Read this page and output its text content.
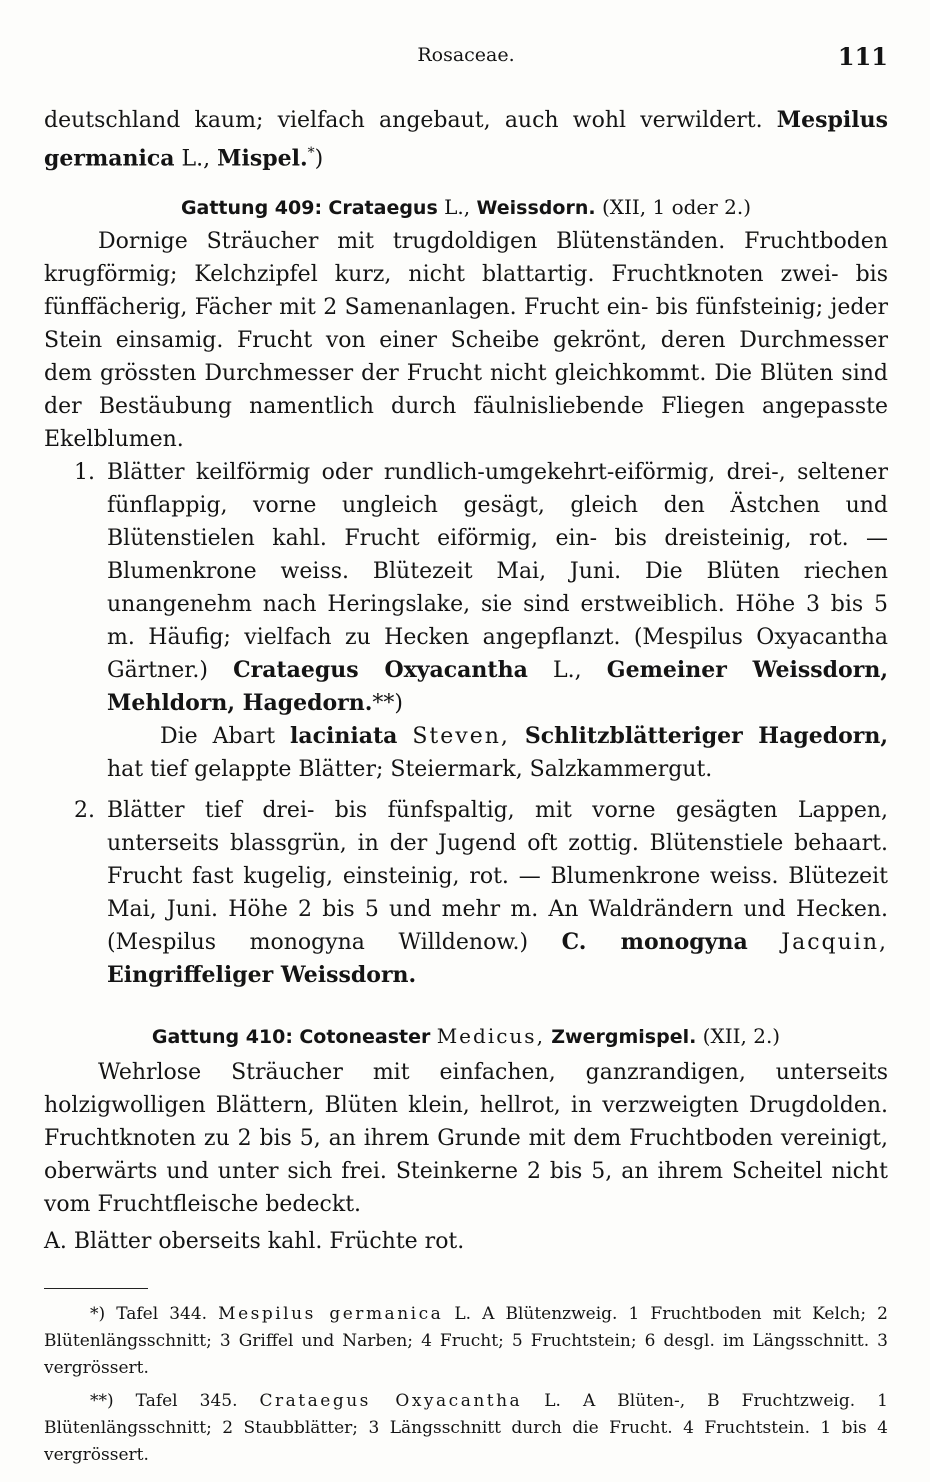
Rosaceae.	111

deutschland kaum; vielfach angebaut, auch wohl verwildert. Mespilus germanica L., Mispel.*)

Gattung 409: Crataegus L., Weissdorn. (XII, 1 oder 2.)

Dornige Sträucher mit trugdoldigen Blütenständen. Fruchtboden krugförmig; Kelchzipfel kurz, nicht blattartig. Fruchtknoten zwei- bis fünffächerig, Fächer mit 2 Samenanlagen. Frucht ein- bis fünfsteinig; jeder Stein einsamig. Frucht von einer Scheibe gekrönt, deren Durchmesser dem grössten Durchmesser der Frucht nicht gleichkommt. Die Blüten sind der Bestäubung namentlich durch fäulnisliebende Fliegen angepasste Ekelblumen.

1. Blätter keilförmig oder rundlich-umgekehrt-eiförmig, drei-, seltener fünflappig, vorne ungleich gesägt, gleich den Ästchen und Blütenstielen kahl. Frucht eiförmig, ein- bis dreisteinig, rot. — Blumenkrone weiss. Blütezeit Mai, Juni. Die Blüten riechen unangenehm nach Heringslake, sie sind erstweiblich. Höhe 3 bis 5 m. Häufig; vielfach zu Hecken angepflanzt. (Mespilus Oxyacantha Gärtner.) Crataegus Oxyacantha L., Gemeiner Weissdorn, Mehldorn, Hagedorn.**)
Die Abart laciniata Steven, Schlitzblätteriger Hagedorn, hat tief gelappte Blätter; Steiermark, Salzkammergut.
2. Blätter tief drei- bis fünfspaltig, mit vorne gesägten Lappen, unterseits blassgrün, in der Jugend oft zottig. Blütenstiele behaart. Frucht fast kugelig, einsteinig, rot. — Blumenkrone weiss. Blütezeit Mai, Juni. Höhe 2 bis 5 und mehr m. An Waldrändern und Hecken. (Mespilus monogyna Willdenow.) C. monogyna Jacquin, Eingriffeliger Weissdorn.

Gattung 410: Cotoneaster Medicus, Zwergmispel. (XII, 2.)

Wehrlose Sträucher mit einfachen, ganzrandigen, unterseits holzigwolligen Blättern, Blüten klein, hellrot, in verzweigten Drugdolden. Fruchtknoten zu 2 bis 5, an ihrem Grunde mit dem Fruchtboden vereinigt, oberwärts und unter sich frei. Steinkerne 2 bis 5, an ihrem Scheitel nicht vom Fruchtfleische bedeckt.

A. Blätter oberseits kahl. Früchte rot.

*) Tafel 344. Mespilus germanica L. A Blütenzweig. 1 Fruchtboden mit Kelch; 2 Blütenlängsschnitt; 3 Griffel und Narben; 4 Frucht; 5 Fruchtstein; 6 desgl. im Längsschnitt. 3 vergrössert.

**) Tafel 345. Crataegus Oxyacantha L. A Blüten-, B Fruchtzweig. 1 Blütenlängsschnitt; 2 Staubblätter; 3 Längsschnitt durch die Frucht. 4 Fruchtstein. 1 bis 4 vergrössert.
